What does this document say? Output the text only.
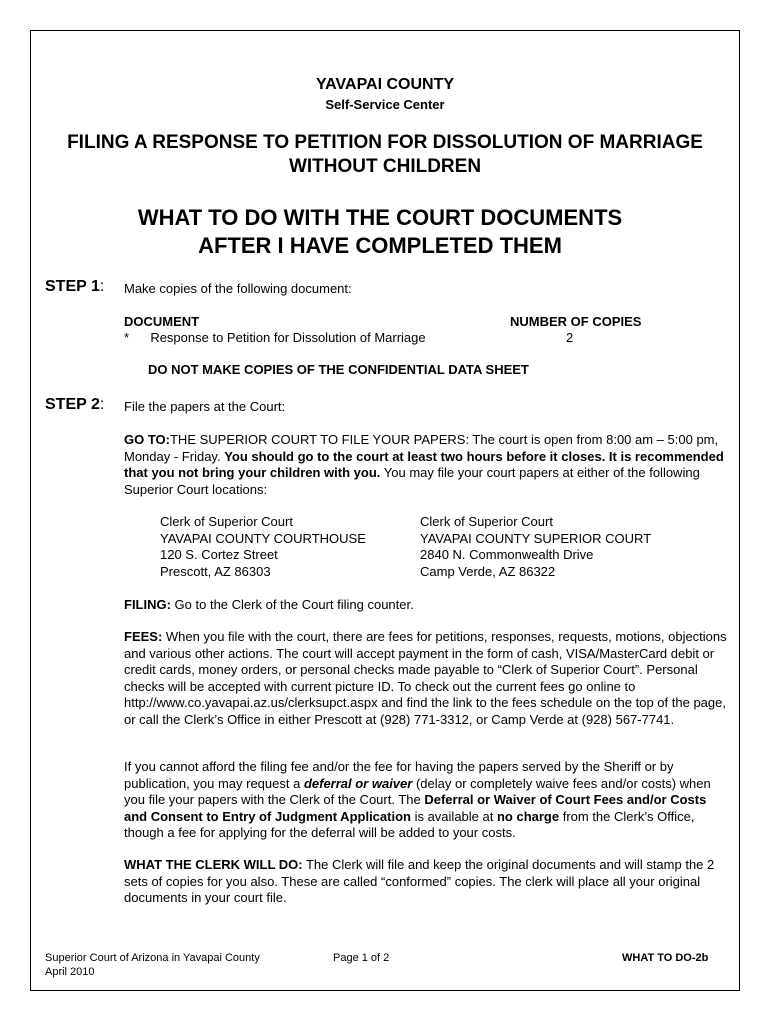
YAVAPAI COUNTY
Self-Service Center
FILING A RESPONSE TO PETITION FOR DISSOLUTION OF MARRIAGE
WITHOUT CHILDREN
WHAT TO DO WITH THE COURT DOCUMENTS
AFTER I HAVE COMPLETED THEM
STEP 1: Make copies of the following document:
DOCUMENT	NUMBER OF COPIES
* Response to Petition for Dissolution of Marriage	2
DO NOT MAKE COPIES OF THE CONFIDENTIAL DATA SHEET
STEP 2: File the papers at the Court:
GO TO:THE SUPERIOR COURT TO FILE YOUR PAPERS: The court is open from 8:00 am – 5:00 pm, Monday - Friday. You should go to the court at least two hours before it closes. It is recommended that you not bring your children with you. You may file your court papers at either of the following Superior Court locations:
Clerk of Superior Court
YAVAPAI COUNTY COURTHOUSE
120 S. Cortez Street
Prescott, AZ 86303
Clerk of Superior Court
YAVAPAI COUNTY SUPERIOR COURT
2840 N. Commonwealth Drive
Camp Verde, AZ 86322
FILING: Go to the Clerk of the Court filing counter.
FEES: When you file with the court, there are fees for petitions, responses, requests, motions, objections and various other actions. The court will accept payment in the form of cash, VISA/MasterCard debit or credit cards, money orders, or personal checks made payable to “Clerk of Superior Court”. Personal checks will be accepted with current picture ID. To check out the current fees go online to http://www.co.yavapai.az.us/clerksupct.aspx and find the link to the fees schedule on the top of the page, or call the Clerk’s Office in either Prescott at (928) 771-3312, or Camp Verde at (928) 567-7741.
If you cannot afford the filing fee and/or the fee for having the papers served by the Sheriff or by publication, you may request a deferral or waiver (delay or completely waive fees and/or costs) when you file your papers with the Clerk of the Court. The Deferral or Waiver of Court Fees and/or Costs and Consent to Entry of Judgment Application is available at no charge from the Clerk’s Office, though a fee for applying for the deferral will be added to your costs.
WHAT THE CLERK WILL DO: The Clerk will file and keep the original documents and will stamp the 2 sets of copies for you also. These are called “conformed” copies. The clerk will place all your original documents in your court file.
Superior Court of Arizona in Yavapai County
April 2010
Page 1 of 2	WHAT TO DO-2b
